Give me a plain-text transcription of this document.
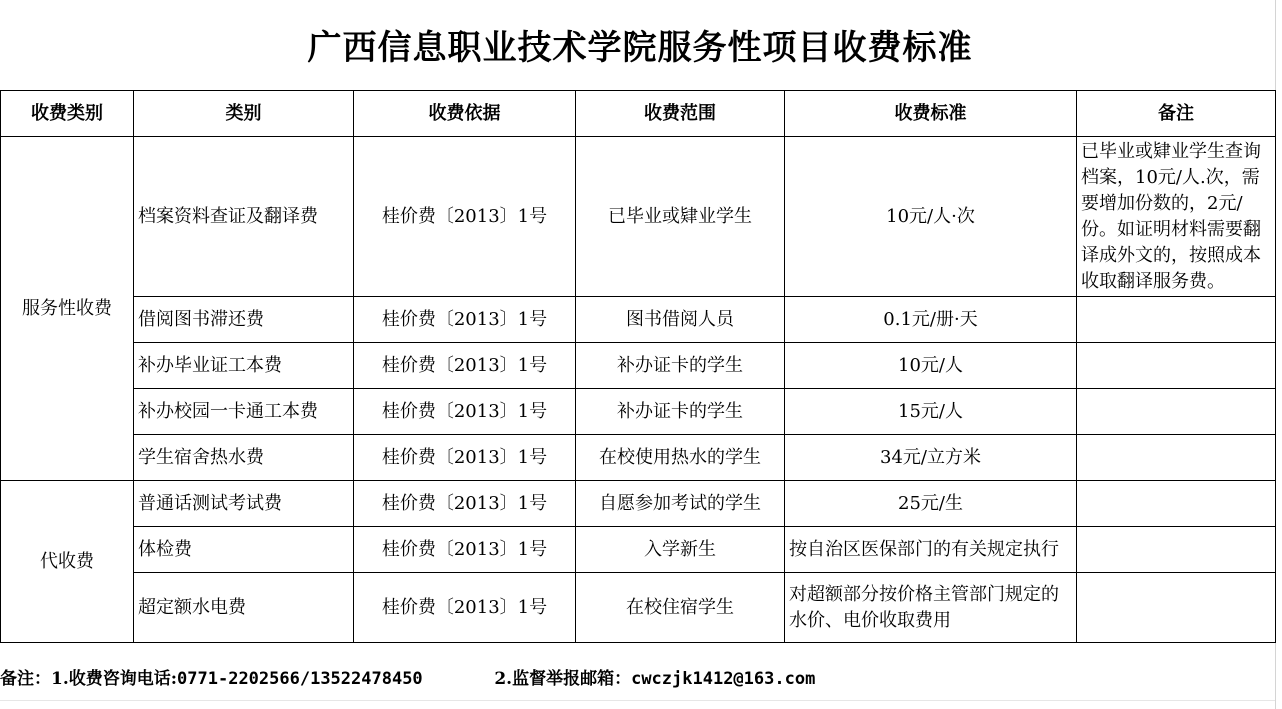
广西信息职业技术学院服务性项目收费标准
收费类别	类别	收费依据	收费范围	收费标准	备注
服务性收费	档案资料查证及翻译费	桂价费〔2013〕1号	已毕业或肄业学生	10元/人·次	已毕业或肄业学生查询档案，10元/人.次，需要增加份数的，2元/份。如证明材料需要翻译成外文的，按照成本收取翻译服务费。
	借阅图书滞还费	桂价费〔2013〕1号	图书借阅人员	0.1元/册·天	
	补办毕业证工本费	桂价费〔2013〕1号	补办证卡的学生	10元/人	
	补办校园一卡通工本费	桂价费〔2013〕1号	补办证卡的学生	15元/人	
	学生宿舍热水费	桂价费〔2013〕1号	在校使用热水的学生	34元/立方米	
代收费	普通话测试考试费	桂价费〔2013〕1号	自愿参加考试的学生	25元/生	
	体检费	桂价费〔2013〕1号	入学新生	按自治区医保部门的有关规定执行	
	超定额水电费	桂价费〔2013〕1号	在校住宿学生	对超额部分按价格主管部门规定的水价、电价收取费用	
备注：1.收费咨询电话:0771-2202566/13522478450	2.监督举报邮箱：cwczjk1412@163.com
